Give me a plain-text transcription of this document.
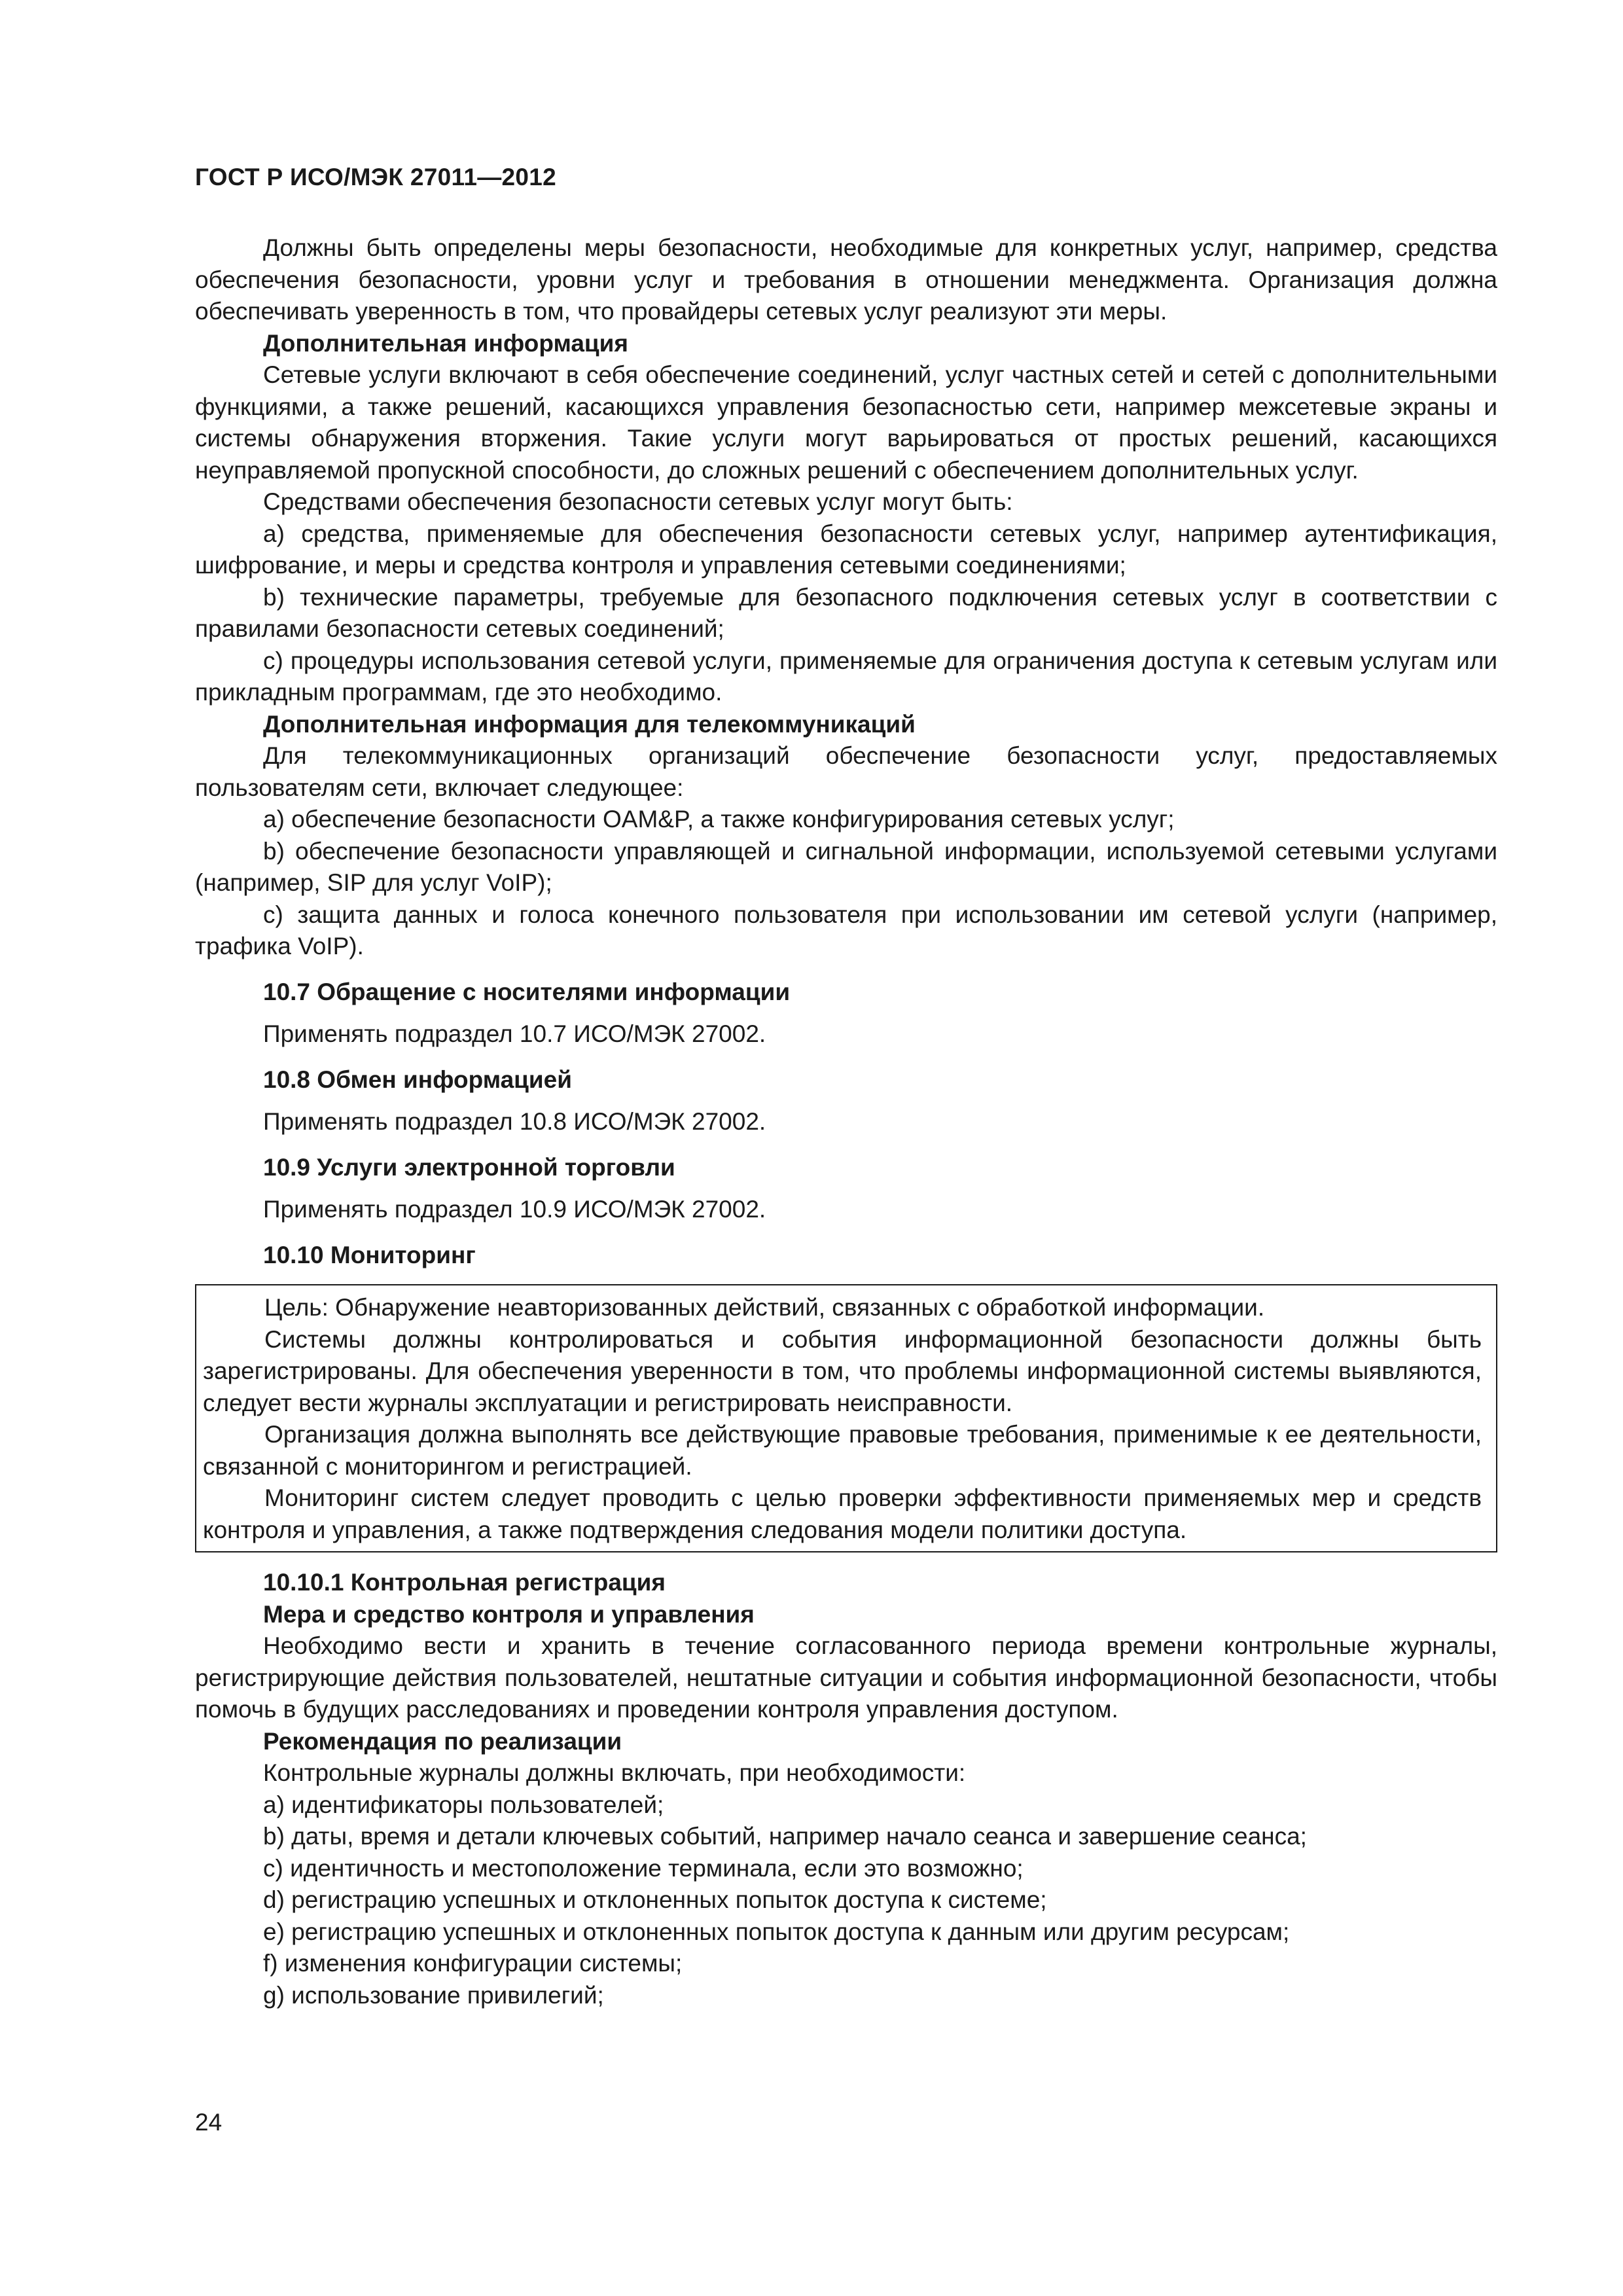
ГОСТ Р ИСО/МЭК 27011—2012

Должны быть определены меры безопасности, необходимые для конкретных услуг, например, средства обеспечения безопасности, уровни услуг и требования в отношении менеджмента. Организация должна обеспечивать уверенность в том, что провайдеры сетевых услуг реализуют эти меры.

Дополнительная информация

Сетевые услуги включают в себя обеспечение соединений, услуг частных сетей и сетей с дополнительными функциями, а также решений, касающихся управления безопасностью сети, например межсетевые экраны и системы обнаружения вторжения. Такие услуги могут варьироваться от простых решений, касающихся неуправляемой пропускной способности, до сложных решений с обеспечением дополнительных услуг.

Средствами обеспечения безопасности сетевых услуг могут быть:

а) средства, применяемые для обеспечения безопасности сетевых услуг, например аутентификация, шифрование, и меры и средства контроля и управления сетевыми соединениями;

b) технические параметры, требуемые для безопасного подключения сетевых услуг в соответствии с правилами безопасности сетевых соединений;

с) процедуры использования сетевой услуги, применяемые для ограничения доступа к сетевым услугам или прикладным программам, где это необходимо.

Дополнительная информация для телекоммуникаций

Для телекоммуникационных организаций обеспечение безопасности услуг, предоставляемых пользователям сети, включает следующее:

а) обеспечение безопасности OAM&P, а также конфигурирования сетевых услуг;

b) обеспечение безопасности управляющей и сигнальной информации, используемой сетевыми услугами (например, SIP для услуг VoIP);

с) защита данных и голоса конечного пользователя при использовании им сетевой услуги (например, трафика VoIP).

10.7 Обращение с носителями информации

Применять подраздел 10.7 ИСО/МЭК 27002.

10.8 Обмен информацией

Применять подраздел 10.8 ИСО/МЭК 27002.

10.9 Услуги электронной торговли

Применять подраздел 10.9 ИСО/МЭК 27002.

10.10 Мониторинг

Цель: Обнаружение неавторизованных действий, связанных с обработкой информации.

Системы должны контролироваться и события информационной безопасности должны быть зарегистрированы. Для обеспечения уверенности в том, что проблемы информационной системы выявляются, следует вести журналы эксплуатации и регистрировать неисправности.

Организация должна выполнять все действующие правовые требования, применимые к ее деятельности, связанной с мониторингом и регистрацией.

Мониторинг систем следует проводить с целью проверки эффективности применяемых мер и средств контроля и управления, а также подтверждения следования модели политики доступа.

10.10.1 Контрольная регистрация

Мера и средство контроля и управления

Необходимо вести и хранить в течение согласованного периода времени контрольные журналы, регистрирующие действия пользователей, нештатные ситуации и события информационной безопасности, чтобы помочь в будущих расследованиях и проведении контроля управления доступом.

Рекомендация по реализации

Контрольные журналы должны включать, при необходимости:

а) идентификаторы пользователей;

b) даты, время и детали ключевых событий, например начало сеанса и завершение сеанса;

с) идентичность и местоположение терминала, если это возможно;

d) регистрацию успешных и отклоненных попыток доступа к системе;

е) регистрацию успешных и отклоненных попыток доступа к данным или другим ресурсам;

f) изменения конфигурации системы;

g) использование привилегий;

24
